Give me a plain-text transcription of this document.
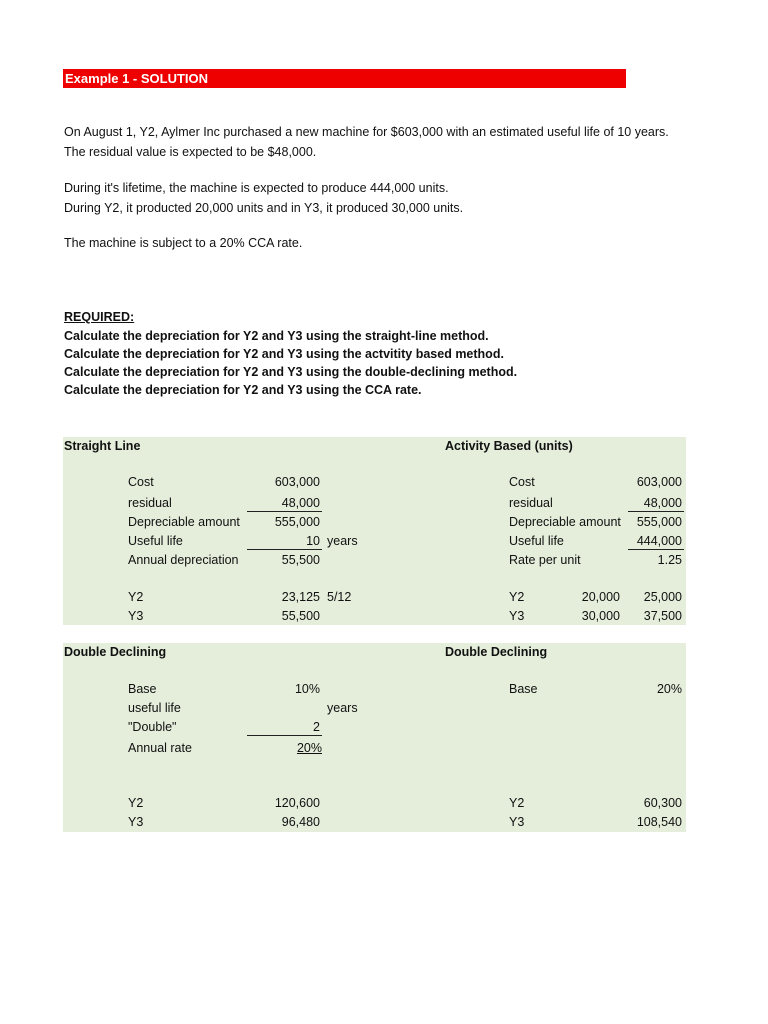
Example 1 - SOLUTION
On August 1, Y2, Aylmer Inc purchased a new machine for $603,000 with an estimated useful life of 10 years.
The residual value is expected to be $48,000.
During it's lifetime, the machine is expected to produce 444,000 units.
During Y2, it producted 20,000 units and in Y3, it produced 30,000 units.
The machine is subject to a 20% CCA rate.
REQUIRED:
Calculate the depreciation for Y2 and Y3 using the straight-line method.
Calculate the depreciation for Y2 and Y3 using the actvitity based method.
Calculate the depreciation for Y2 and Y3 using the double-declining method.
Calculate the depreciation for Y2 and Y3 using the CCA rate.
Straight Line
Cost	603,000
residual	48,000
Depreciable amount	555,000
Useful life	10 years
Annual depreciation	55,500
Y2	23,125 5/12
Y3	55,500
Activity Based (units)
Cost	603,000
residual	48,000
Depreciable amount	555,000
Useful life	444,000
Rate per unit	1.25
Y2	20,000	25,000
Y3	30,000	37,500
Double Declining
Base	10%
useful life	years
"Double"	2
Annual rate	20%
Y2	120,600
Y3	96,480
Double Declining
Base	20%
Y2	60,300
Y3	108,540
